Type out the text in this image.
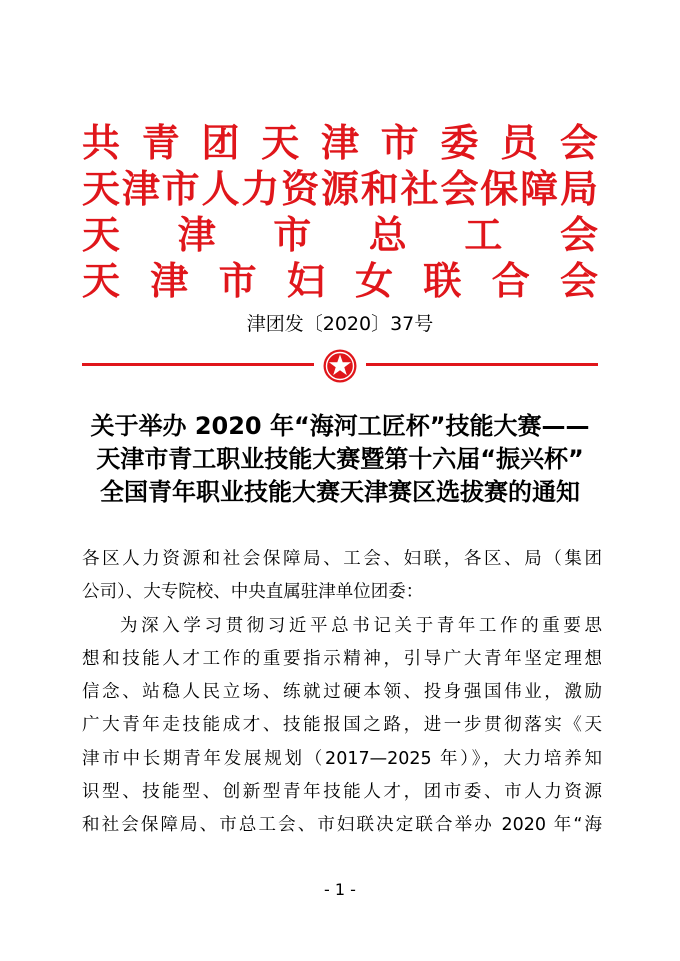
共 青 团 天 津 市 委 员 会
天 津 市 人 力 资 源 和 社 会 保 障 局
天 津 市 总 工 会
天 津 市 妇 女 联 合 会
津团发〔2020〕37号
关于举办 2020 年“海河工匠杯”技能大赛——
天津市青工职业技能大赛暨第十六届“振兴杯”
全国青年职业技能大赛天津赛区选拔赛的通知
各区人力资源和社会保障局、工会、妇联，各区、局（集团
公司）、大专院校、中央直属驻津单位团委：
为深入学习贯彻习近平总书记关于青年工作的重要思
想和技能人才工作的重要指示精神，引导广大青年坚定理想
信念、站稳人民立场、练就过硬本领、投身强国伟业，激励
广大青年走技能成才、技能报国之路，进一步贯彻落实《天
津市中长期青年发展规划（2017—2025 年）》，大力培养知
识型、技能型、创新型青年技能人才，团市委、市人力资源
和社会保障局、市总工会、市妇联决定联合举办 2020 年“海
- 1 -
